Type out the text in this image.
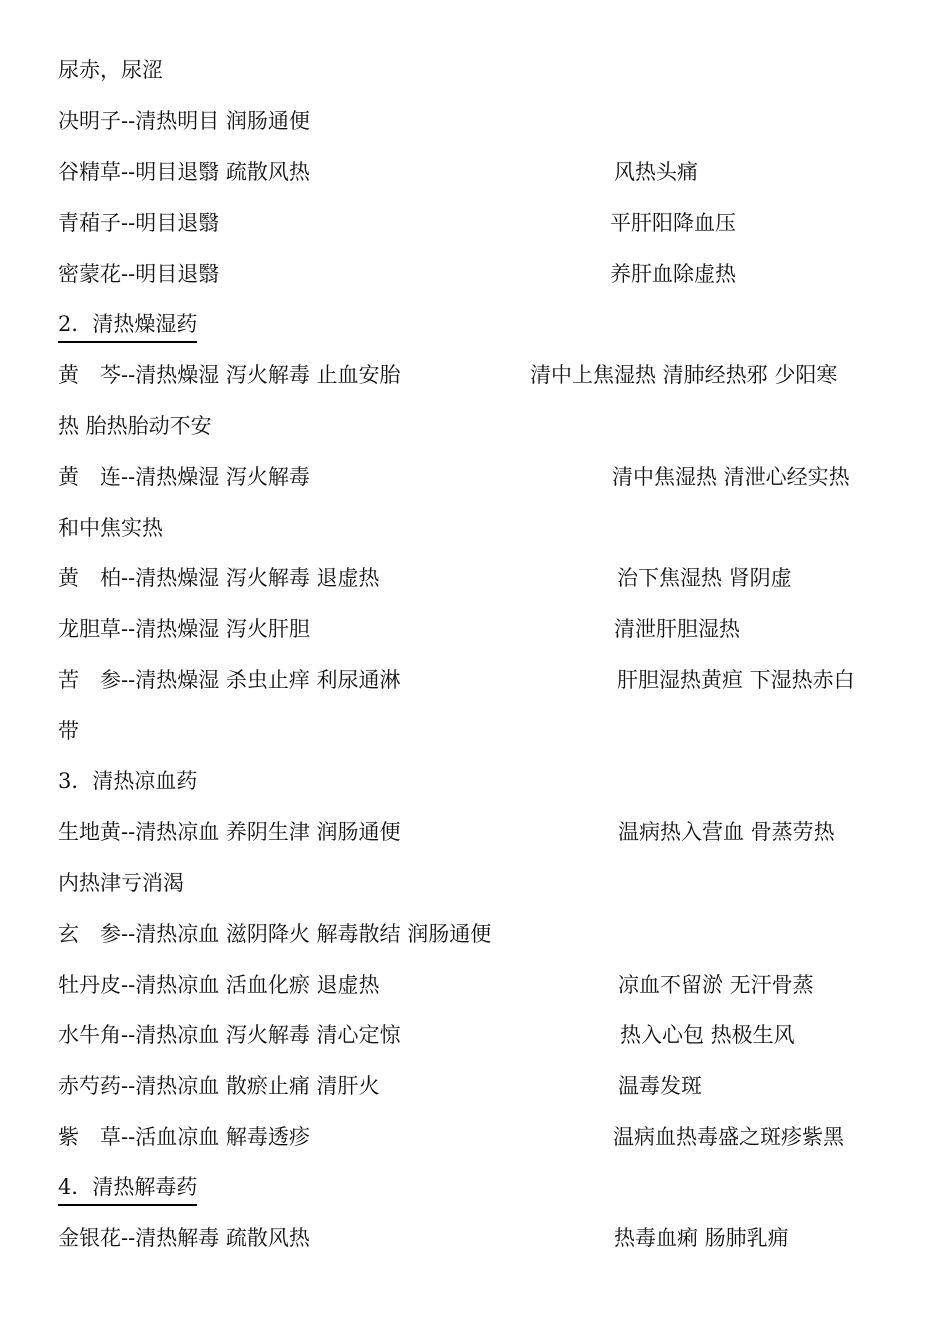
尿赤，尿涩
决明子--清热明目 润肠通便
谷精草--明目退翳 疏散风热	风热头痛
青葙子--明目退翳	平肝阳降血压
密蒙花--明目退翳	养肝血除虚热
2．清热燥湿药
黄　芩--清热燥湿 泻火解毒 止血安胎	清中上焦湿热 清肺经热邪 少阳寒
热 胎热胎动不安
黄　连--清热燥湿 泻火解毒	清中焦湿热 清泄心经实热
和中焦实热
黄　柏--清热燥湿 泻火解毒 退虚热	治下焦湿热 肾阴虚
龙胆草--清热燥湿 泻火肝胆	清泄肝胆湿热
苦　参--清热燥湿 杀虫止痒 利尿通淋	肝胆湿热黄疸 下湿热赤白
带
3．清热凉血药
生地黄--清热凉血 养阴生津 润肠通便	温病热入营血 骨蒸劳热
内热津亏消渴
玄　参--清热凉血 滋阴降火 解毒散结 润肠通便
牡丹皮--清热凉血 活血化瘀 退虚热	凉血不留淤 无汗骨蒸
水牛角--清热凉血 泻火解毒 清心定惊	热入心包 热极生风
赤芍药--清热凉血 散瘀止痛 清肝火	温毒发斑
紫　草--活血凉血 解毒透疹	温病血热毒盛之斑疹紫黑
4．清热解毒药
金银花--清热解毒 疏散风热	热毒血痢 肠肺乳痈
